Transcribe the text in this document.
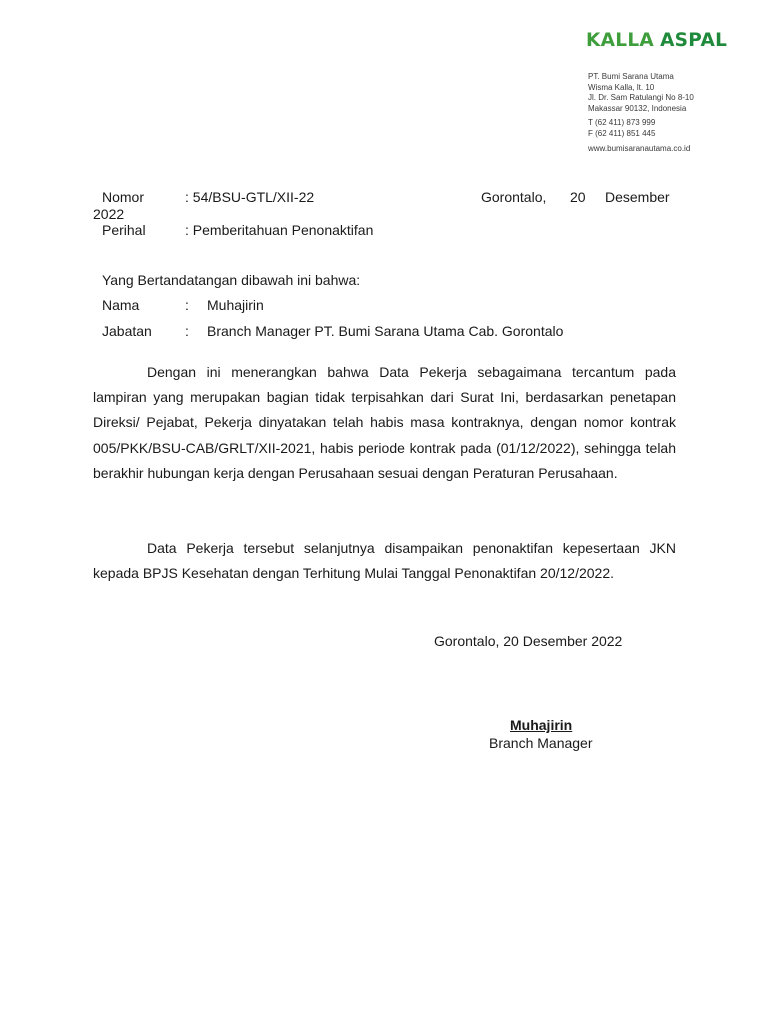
KALLA ASPAL
PT. Bumi Sarana Utama
Wisma Kalla, lt. 10
Jl. Dr. Sam Ratulangi No 8-10
Makassar 90132, Indonesia
T (62 411) 873 999
F (62 411) 851 445
www.bumisaranautama.co.id
Nomor	: 54/BSU-GTL/XII-22	Gorontalo, 20 Desember
2022
Perihal	: Pemberitahuan Penonaktifan
Yang Bertandatangan dibawah ini bahwa:
Nama	: Muhajirin
Jabatan : Branch Manager PT. Bumi Sarana Utama Cab. Gorontalo
Dengan ini menerangkan bahwa Data Pekerja sebagaimana tercantum pada lampiran yang merupakan bagian tidak terpisahkan dari Surat Ini, berdasarkan penetapan Direksi/ Pejabat, Pekerja dinyatakan telah habis masa kontraknya, dengan nomor kontrak 005/PKK/BSU-CAB/GRLT/XII-2021, habis periode kontrak pada (01/12/2022), sehingga telah berakhir hubungan kerja dengan Perusahaan sesuai dengan Peraturan Perusahaan.
Data Pekerja tersebut selanjutnya disampaikan penonaktifan kepesertaan JKN kepada BPJS Kesehatan dengan Terhitung Mulai Tanggal Penonaktifan 20/12/2022.
Gorontalo, 20 Desember 2022
Muhajirin
Branch Manager
